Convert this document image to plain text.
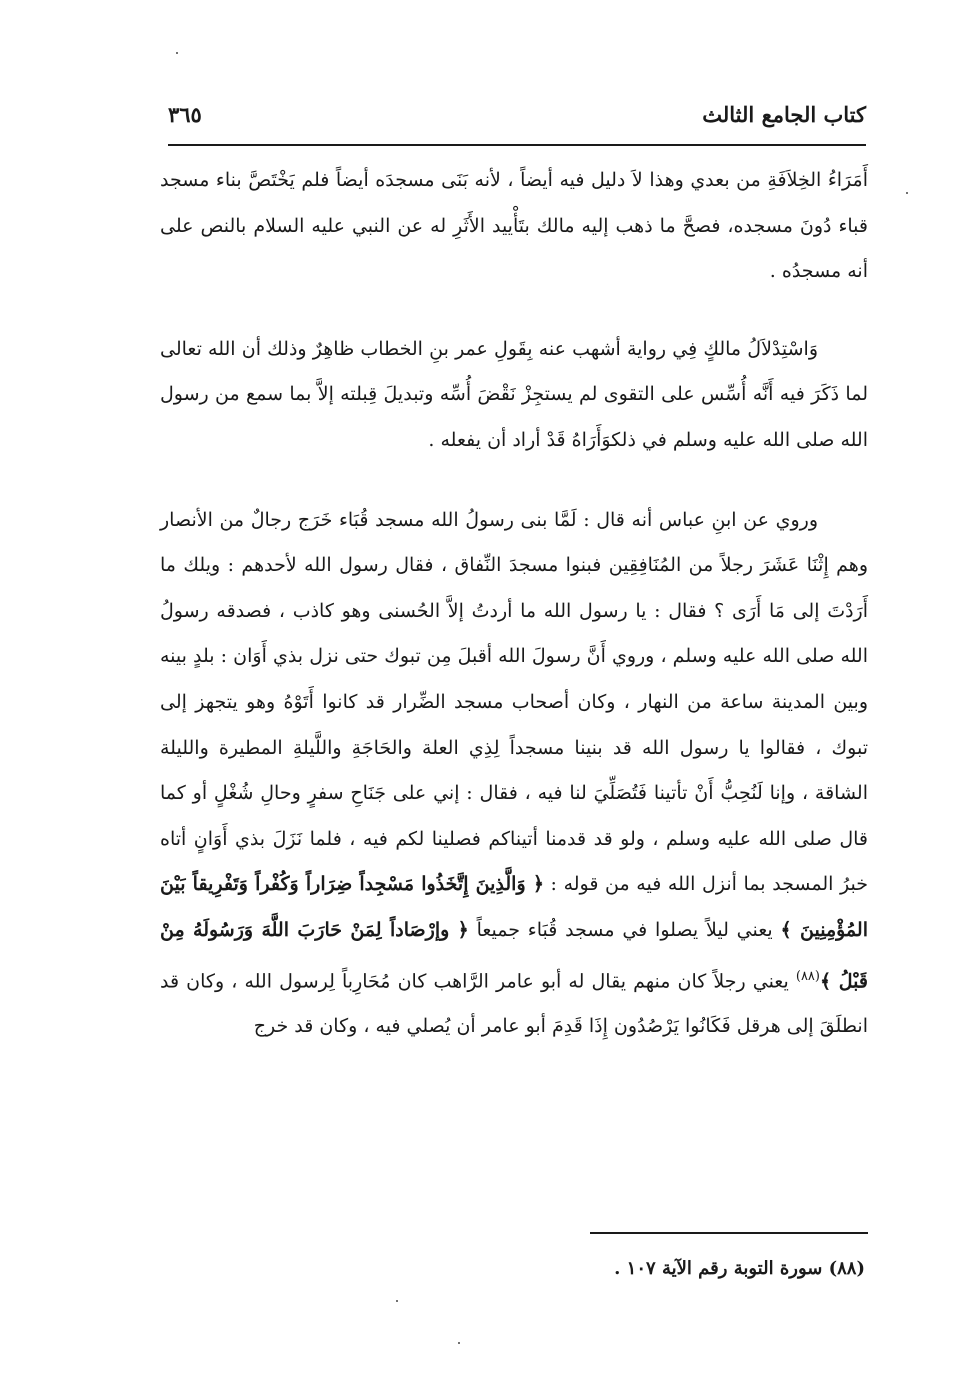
كتاب الجامع الثالث
٣٦٥

أَمَرَاءُ الخِلاَفَةِ من بعدي وهذا لاَ دليل فيه أيضاً ، لأنه بَنَى مسجدَه أيضاً فلم يَخْتَصَّ بناء مسجد قباء دُونَ مسجده، فصحَّ ما ذهب إليه مالك بتَأْييد الأَثَرِ له عن النبي عليه السلام بالنص على أنه مسجدُه .

وَاسْتِدْلاَلُ مالكٍ فِي رواية أشهب عنه بِقَولِ عمر بنِ الخطاب ظاهِرٌ وذلك أن الله تعالى لما ذَكَرَ فيه أَنَّه أُسِّس على التقوى لم يستجِزْ نَقْضَ أُسِّه وتبديلَ قِبلته إلاَّ بما سمع من رسول الله صلى الله عليه وسلم في ذلكوَأَرَاهُ قَدْ أراد أن يفعله .

وروي عن ابنِ عباس أنه قال : لَمَّا بنى رسولُ الله مسجد قُبَاء خَرَج رجالٌ من الأنصار وهم إِثْنَا عَشَرَ رجلاً من المُنَافِقِين فبنوا مسجدَ النِّفاق ، فقال رسول الله لأحدهم : ويلك ما أَرَدْتَ إلى مَا أَرَى ؟ فقال : يا رسول الله ما أردتُ إلاَّ الحُسنى وهو كاذب ، فصدقه رسولُ الله صلى الله عليه وسلم ، وروي أَنَّ رسولَ الله أقبلَ مِن تبوك حتى نزل بذي أَوَان : بلدٍ بينه وبين المدينة ساعة من النهار ، وكان أصحاب مسجد الضِّرار قد كانوا أَتَوْهُ وهو يتجهز إلى تبوك ، فقالوا يا رسول الله قد بنينا مسجداً لِذِي العلة والحَاجَةِ واللَّيلةِ المطيرة والليلة الشاقة ، وإنا لَنُحِبُّ أَنْ تأتينا فَتُصَلِّيَ لنا فيه ، فقال : إني على جَنَاحِ سفرٍ وحالِ شُغْلٍ أو كما قال صلى الله عليه وسلم ، ولو قد قدمنا أتيناكم فصلينا لكم فيه ، فلما نَزَلَ بذي أَوَانٍ أتاه خبرُ المسجد بما أنزل الله فيه من قوله : ﴿ وَالَّذِينَ إِتَّخَذُوا مَسْجِداً ضِرَاراً وَكُفْراً وَتَفْرِيقاً بَيْنَ المُؤْمِنِينَ ﴾ يعني ليلاً يصلوا في مسجد قُبَاء جميعاً ﴿ وإرْصَاداً لِمَنْ حَارَبَ اللَّهَ وَرَسُولَهُ مِنْ قَبْلُ ﴾$^{(٨٨)}$ يعني رجلاً كان منهم يقال له أبو عامر الرَّاهب كان مُحَارِباً لِرسول الله ، وكان قد انطلَقَ إلى هرقل فَكَانُوا يَرْصُدُون إِذَا قَدِمَ أبو عامر أن يُصلي فيه ، وكان قد خرج

(٨٨) سورة التوبة رقم الآية ١٠٧ .
